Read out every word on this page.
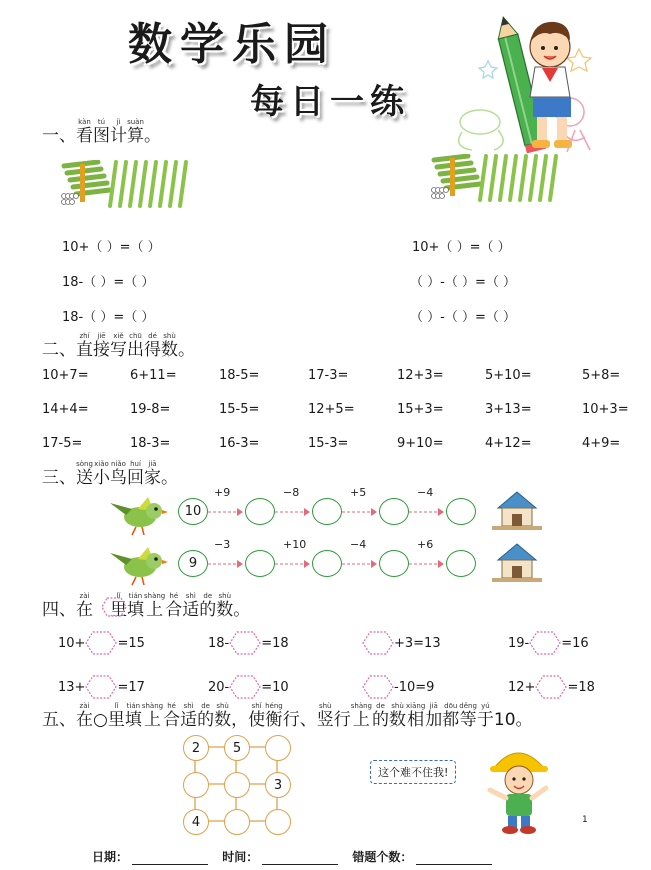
数学乐园
每日一练
一、
kàn
看
tú
图
jì
计
suàn
算 。
10+（ ）=（ ）
18-（ ）=（ ）
18-（ ）=（ ）
10+（ ）=（ ）
（ ）-（ ）=（ ）
（ ）-（ ）=（ ）
二、
zhí
直
jiē
接
xiě
写
chū
出
dé
得
shù
数 。
10+7=	6+11=	18-5=	17-3=	12+3=	5+10=	5+8=
14+4=	19-8=	15-5=	12+5=	15+3=	3+13=	10+3=
17-5=	18-3=	16-3=	15-3=	9+10=	4+12=	4+9=
三、
sòng
送
xiǎo
小
niǎo
鸟
huí
回
jiā
家 。
10
+9	−8	+5	−4
9
−3	+10	−4	+6
四、
zài
在

lǐ
里
tián
填
shàng
上
hé
合
shì
适
de
的
shù
数 。
10+ =15	18- =18	+3=13	19- =16
13+ =17	20- =10	-10=9	12+ =18
五、
zài
在 ○
lǐ
里
tián
填
shàng
上
hé
合
shì
适
de
的
shù
数 ，
shǐ
使
héng
衡 行 、
shù
竖 行
shàng
上
de
的
shù
数
xiāng
相
jiā
加
dōu
都
děng
等
yú
于 10。
2	5
3
4
这个难不住我!
1
日期：	时间：	错题个数：
